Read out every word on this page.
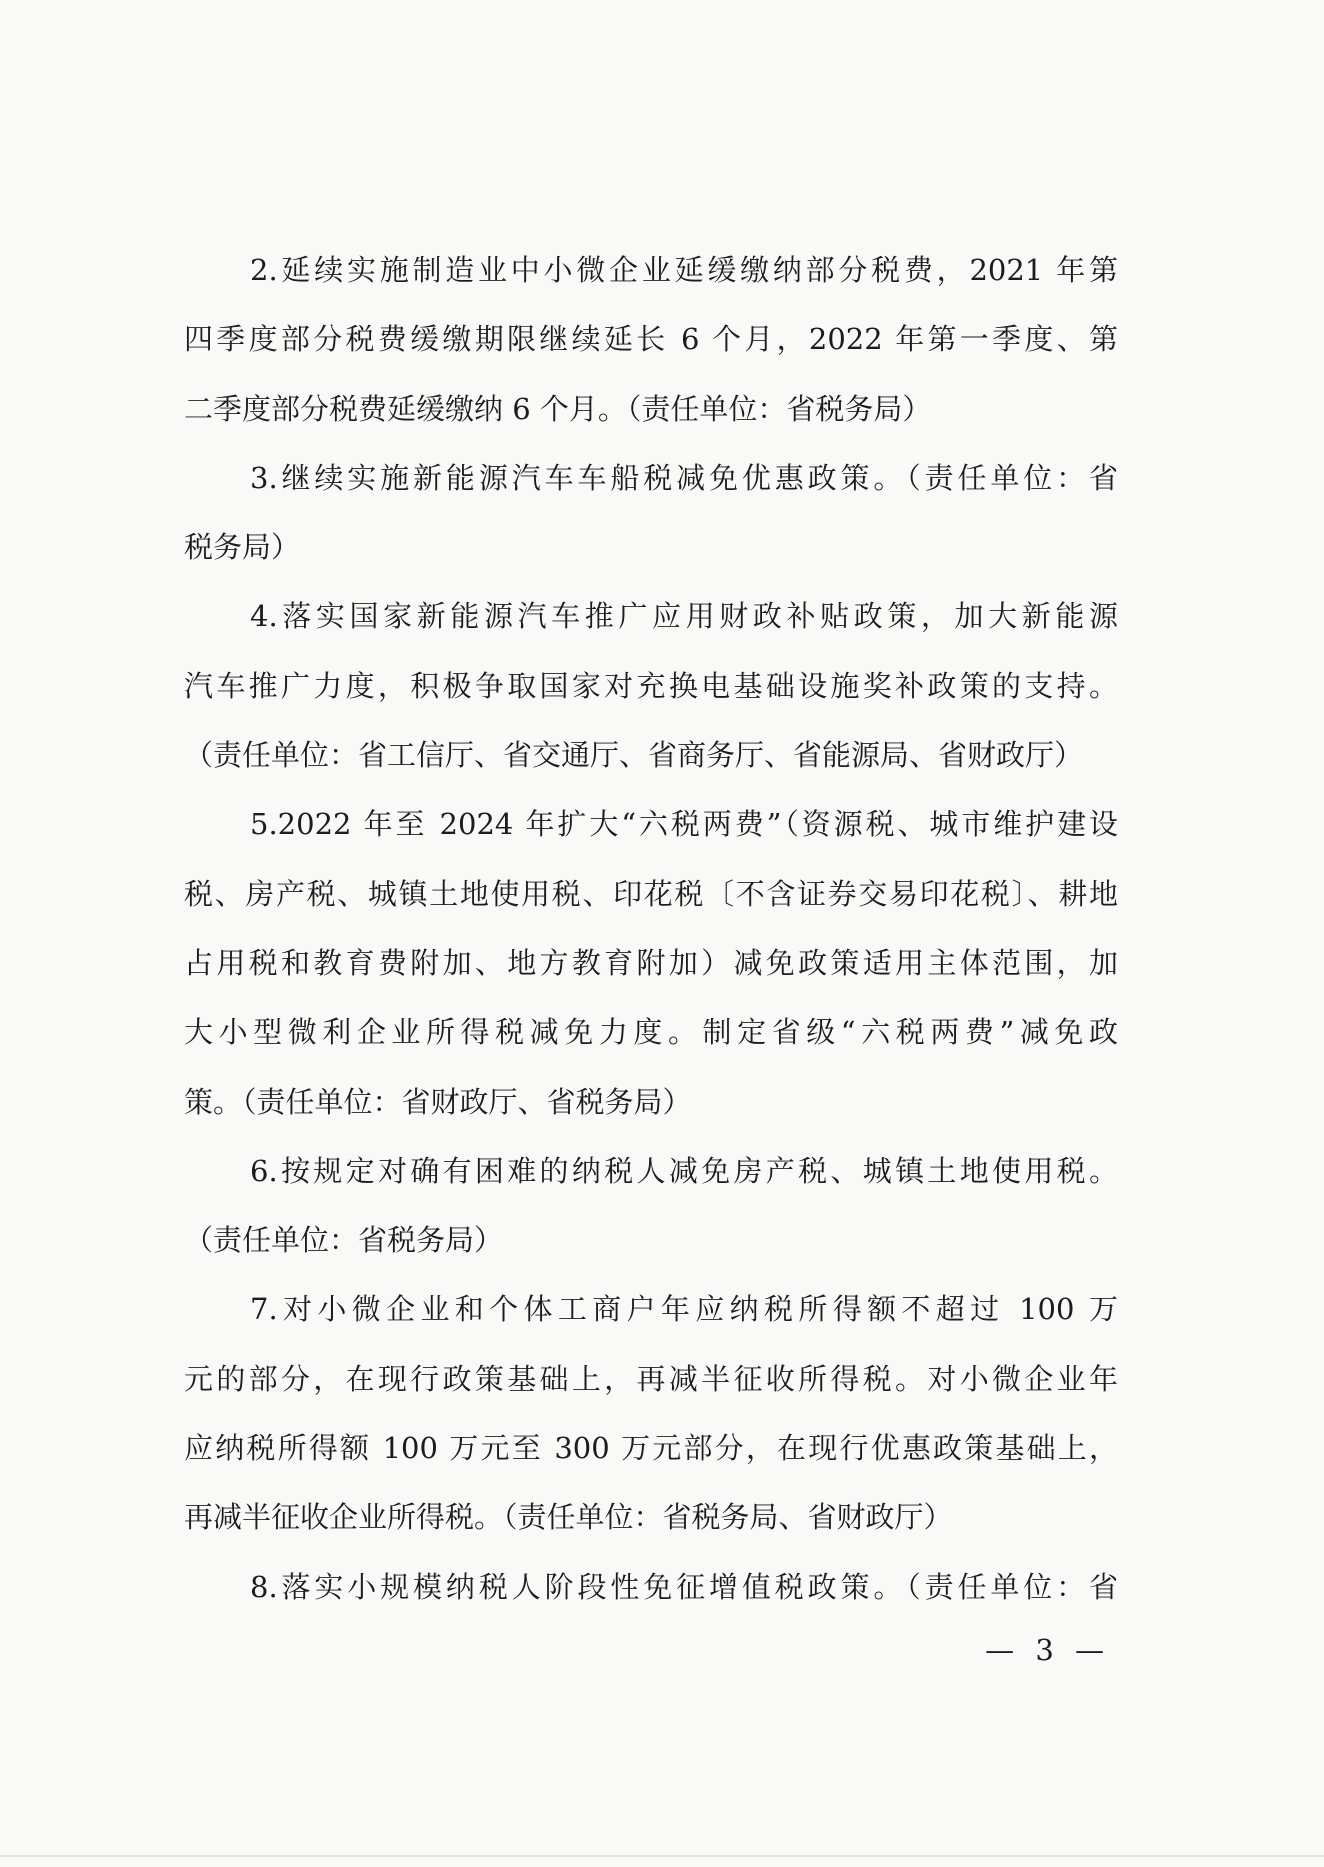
2.延续实施制造业中小微企业延缓缴纳部分税费，2021 年第
四季度部分税费缓缴期限继续延长 6 个月，2022 年第一季度、第
二季度部分税费延缓缴纳 6 个月。（责任单位：省税务局）
3.继续实施新能源汽车车船税减免优惠政策。（责任单位：省
税务局）
4.落实国家新能源汽车推广应用财政补贴政策，加大新能源
汽车推广力度，积极争取国家对充换电基础设施奖补政策的支持。
（责任单位：省工信厅、省交通厅、省商务厅、省能源局、省财政厅）
5.2022 年至 2024 年扩大“六税两费”（资源税、城市维护建设
税、房产税、城镇土地使用税、印花税〔不含证券交易印花税〕、耕地
占用税和教育费附加、地方教育附加）减免政策适用主体范围，加
大小型微利企业所得税减免力度。制定省级“六税两费”减免政
策。（责任单位：省财政厅、省税务局）
6.按规定对确有困难的纳税人减免房产税、城镇土地使用税。
（责任单位：省税务局）
7.对小微企业和个体工商户年应纳税所得额不超过 100 万
元的部分，在现行政策基础上，再减半征收所得税。对小微企业年
应纳税所得额 100 万元至 300 万元部分，在现行优惠政策基础上，
再减半征收企业所得税。（责任单位：省税务局、省财政厅）
8.落实小规模纳税人阶段性免征增值税政策。（责任单位：省
— 3 —
